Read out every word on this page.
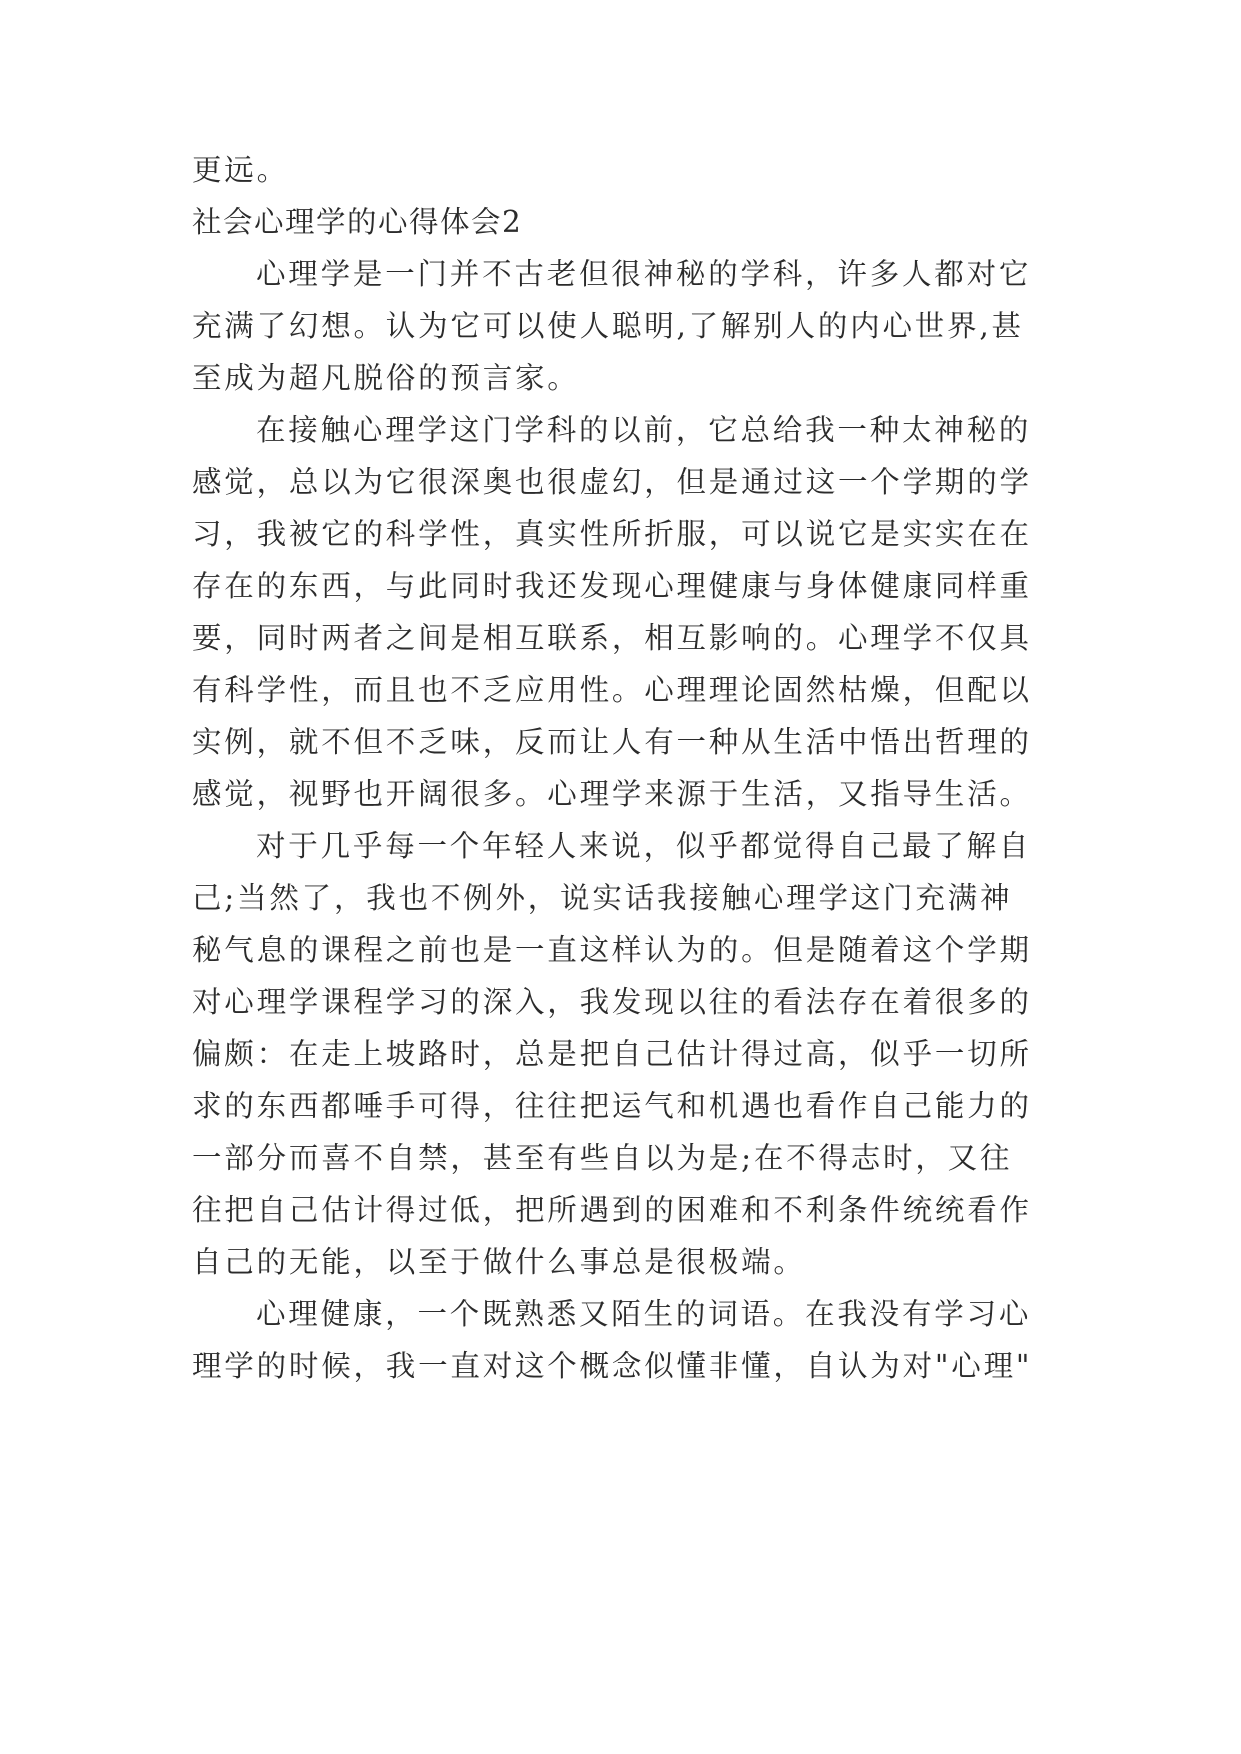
更远。
社会心理学的心得体会2
心理学是一门并不古老但很神秘的学科，许多人都对它
充满了幻想。认为它可以使人聪明,了解别人的内心世界,甚
至成为超凡脱俗的预言家。
在接触心理学这门学科的以前，它总给我一种太神秘的
感觉，总以为它很深奥也很虚幻，但是通过这一个学期的学
习，我被它的科学性，真实性所折服，可以说它是实实在在
存在的东西，与此同时我还发现心理健康与身体健康同样重
要，同时两者之间是相互联系，相互影响的。心理学不仅具
有科学性，而且也不乏应用性。心理理论固然枯燥，但配以
实例，就不但不乏味，反而让人有一种从生活中悟出哲理的
感觉，视野也开阔很多。心理学来源于生活，又指导生活。
对于几乎每一个年轻人来说，似乎都觉得自己最了解自
己;当然了，我也不例外，说实话我接触心理学这门充满神
秘气息的课程之前也是一直这样认为的。但是随着这个学期
对心理学课程学习的深入，我发现以往的看法存在着很多的
偏颇：在走上坡路时，总是把自己估计得过高，似乎一切所
求的东西都唾手可得，往往把运气和机遇也看作自己能力的
一部分而喜不自禁，甚至有些自以为是;在不得志时，又往
往把自己估计得过低，把所遇到的困难和不利条件统统看作
自己的无能，以至于做什么事总是很极端。
心理健康，一个既熟悉又陌生的词语。在我没有学习心
理学的时候，我一直对这个概念似懂非懂，自认为对"心理"
